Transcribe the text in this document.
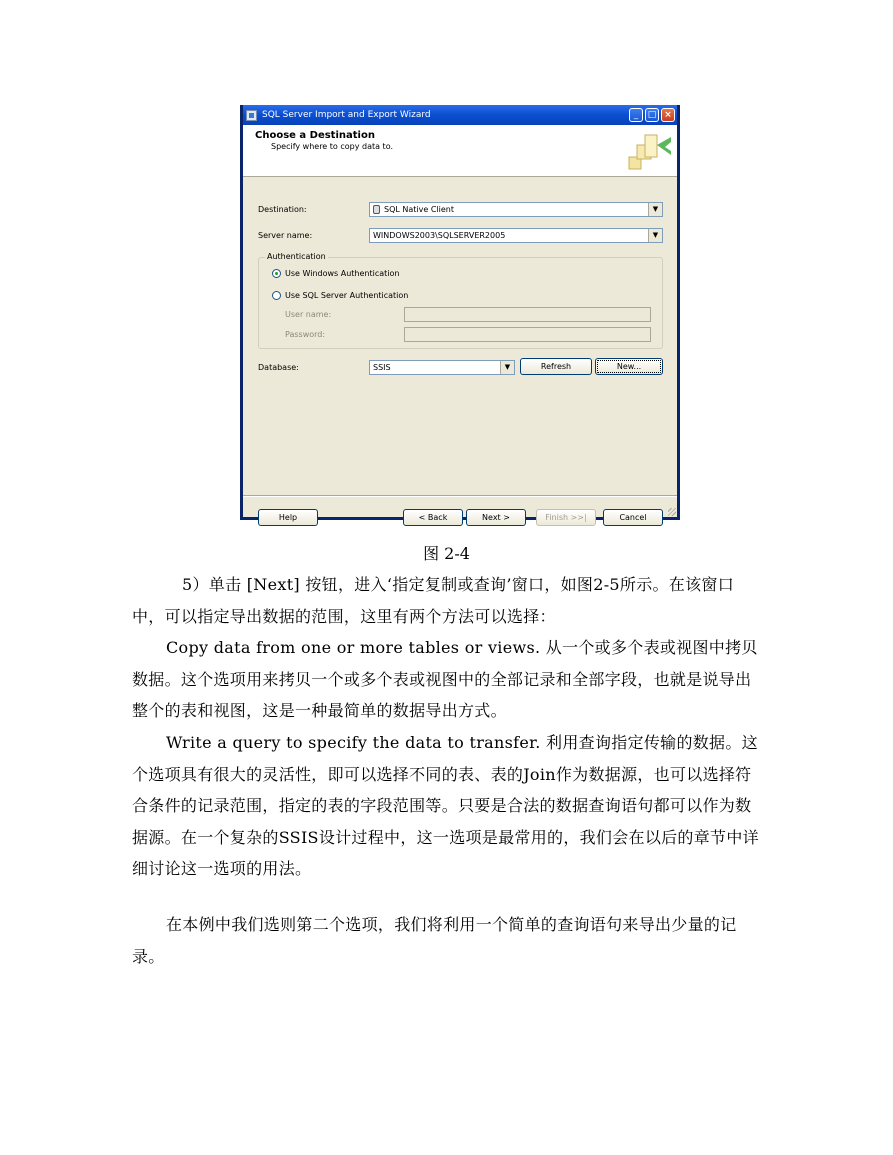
SQL Server Import and Export Wizard	_	□ ×
Choose a Destination
Specify where to copy data to.
Destination:	SQL Native Client	▼
Server name:	WINDOWS2003\SQLSERVER2005	▼
Authentication
Use Windows Authentication
Use SQL Server Authentication
User name:
Password:
Database:	SSIS	▼	Refresh	New...
Help	< Back	Next >	Finish >>|	Cancel
图 2-4

5）单击 [Next] 按钮，进入‘指定复制或查询’窗口，如图2-5所示。在该窗口中，可以指定导出数据的范围，这里有两个方法可以选择：

Copy data from one or more tables or views. 从一个或多个表或视图中拷贝数据。这个选项用来拷贝一个或多个表或视图中的全部记录和全部字段，也就是说导出整个的表和视图，这是一种最简单的数据导出方式。

Write a query to specify the data to transfer. 利用查询指定传输的数据。这个选项具有很大的灵活性，即可以选择不同的表、表的Join作为数据源，也可以选择符合条件的记录范围，指定的表的字段范围等。只要是合法的数据查询语句都可以作为数据源。在一个复杂的SSIS设计过程中，这一选项是最常用的，我们会在以后的章节中详细讨论这一选项的用法。

在本例中我们选则第二个选项，我们将利用一个简单的查询语句来导出少量的记录。
